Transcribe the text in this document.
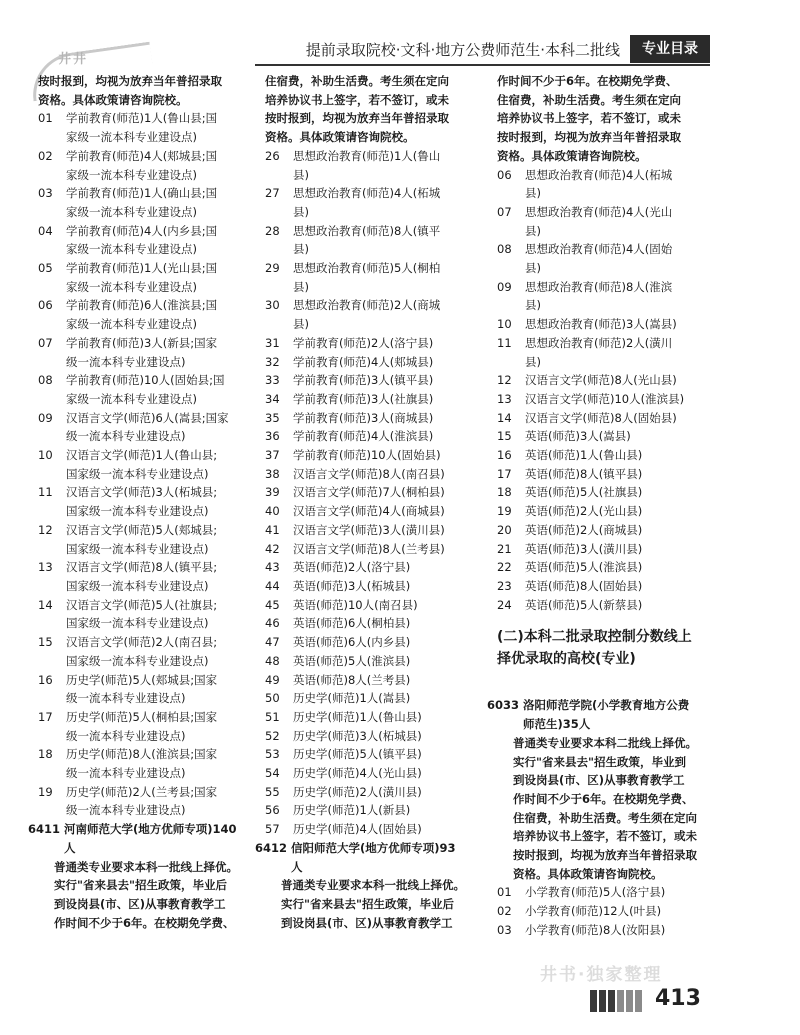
井井
提前录取院校·文科·地方公费师范生·本科二批线	专业目录
按时报到，均视为放弃当年普招录取
资格。具体政策请咨询院校。
01	学前教育(师范)1人(鲁山县;国
家级一流本科专业建设点)
02	学前教育(师范)4人(郏城县;国
家级一流本科专业建设点)
03	学前教育(师范)1人(确山县;国
家级一流本科专业建设点)
04	学前教育(师范)4人(内乡县;国
家级一流本科专业建设点)
05	学前教育(师范)1人(光山县;国
家级一流本科专业建设点)
06	学前教育(师范)6人(淮滨县;国
家级一流本科专业建设点)
07	学前教育(师范)3人(新县;国家
级一流本科专业建设点)
08	学前教育(师范)10人(固始县;国
家级一流本科专业建设点)
09	汉语言文学(师范)6人(嵩县;国家
级一流本科专业建设点)
10	汉语言文学(师范)1人(鲁山县;
国家级一流本科专业建设点)
11	汉语言文学(师范)3人(柘城县;
国家级一流本科专业建设点)
12	汉语言文学(师范)5人(郏城县;
国家级一流本科专业建设点)
13	汉语言文学(师范)8人(镇平县;
国家级一流本科专业建设点)
14	汉语言文学(师范)5人(社旗县;
国家级一流本科专业建设点)
15	汉语言文学(师范)2人(南召县;
国家级一流本科专业建设点)
16	历史学(师范)5人(郏城县;国家
级一流本科专业建设点)
17	历史学(师范)5人(桐柏县;国家
级一流本科专业建设点)
18	历史学(师范)8人(淮滨县;国家
级一流本科专业建设点)
19	历史学(师范)2人(兰考县;国家
级一流本科专业建设点)
6411 河南师范大学(地方优师专项)140
人
普通类专业要求本科一批线上择优。
实行"省来县去"招生政策，毕业后
到设岗县(市、区)从事教育教学工
作时间不少于6年。在校期免学费、
住宿费，补助生活费。考生须在定向
培养协议书上签字，若不签订，或未
按时报到，均视为放弃当年普招录取
资格。具体政策请咨询院校。
26	思想政治教育(师范)1人(鲁山
县)
27	思想政治教育(师范)4人(柘城
县)
28	思想政治教育(师范)8人(镇平
县)
29	思想政治教育(师范)5人(桐柏
县)
30	思想政治教育(师范)2人(商城
县)
31	学前教育(师范)2人(洛宁县)
32	学前教育(师范)4人(郏城县)
33	学前教育(师范)3人(镇平县)
34	学前教育(师范)3人(社旗县)
35	学前教育(师范)3人(商城县)
36	学前教育(师范)4人(淮滨县)
37	学前教育(师范)10人(固始县)
38	汉语言文学(师范)8人(南召县)
39	汉语言文学(师范)7人(桐柏县)
40	汉语言文学(师范)4人(商城县)
41	汉语言文学(师范)3人(潢川县)
42	汉语言文学(师范)8人(兰考县)
43	英语(师范)2人(洛宁县)
44	英语(师范)3人(柘城县)
45	英语(师范)10人(南召县)
46	英语(师范)6人(桐柏县)
47	英语(师范)6人(内乡县)
48	英语(师范)5人(淮滨县)
49	英语(师范)8人(兰考县)
50	历史学(师范)1人(嵩县)
51	历史学(师范)1人(鲁山县)
52	历史学(师范)3人(柘城县)
53	历史学(师范)5人(镇平县)
54	历史学(师范)4人(光山县)
55	历史学(师范)2人(潢川县)
56	历史学(师范)1人(新县)
57	历史学(师范)4人(固始县)
6412 信阳师范大学(地方优师专项)93
人
普通类专业要求本科一批线上择优。
实行"省来县去"招生政策，毕业后
到设岗县(市、区)从事教育教学工
作时间不少于6年。在校期免学费、
住宿费，补助生活费。考生须在定向
培养协议书上签字，若不签订，或未
按时报到，均视为放弃当年普招录取
资格。具体政策请咨询院校。
06	思想政治教育(师范)4人(柘城
县)
07	思想政治教育(师范)4人(光山
县)
08	思想政治教育(师范)4人(固始
县)
09	思想政治教育(师范)8人(淮滨
县)
10	思想政治教育(师范)3人(嵩县)
11	思想政治教育(师范)2人(潢川
县)
12	汉语言文学(师范)8人(光山县)
13	汉语言文学(师范)10人(淮滨县)
14	汉语言文学(师范)8人(固始县)
15	英语(师范)3人(嵩县)
16	英语(师范)1人(鲁山县)
17	英语(师范)8人(镇平县)
18	英语(师范)5人(社旗县)
19	英语(师范)2人(光山县)
20	英语(师范)2人(商城县)
21	英语(师范)3人(潢川县)
22	英语(师范)5人(淮滨县)
23	英语(师范)8人(固始县)
24	英语(师范)5人(新蔡县)
(二)本科二批录取控制分数线上
择优录取的高校(专业)
6033 洛阳师范学院(小学教育地方公费
师范生)35人
普通类专业要求本科二批线上择优。
实行"省来县去"招生政策，毕业到
到设岗县(市、区)从事教育教学工
作时间不少于6年。在校期免学费、
住宿费，补助生活费。考生须在定向
培养协议书上签字，若不签订，或未
按时报到，均视为放弃当年普招录取
资格。具体政策请咨询院校。
01	小学教育(师范)5人(洛宁县)
02	小学教育(师范)12人(叶县)
03	小学教育(师范)8人(汝阳县)
井书·独家整理
413
